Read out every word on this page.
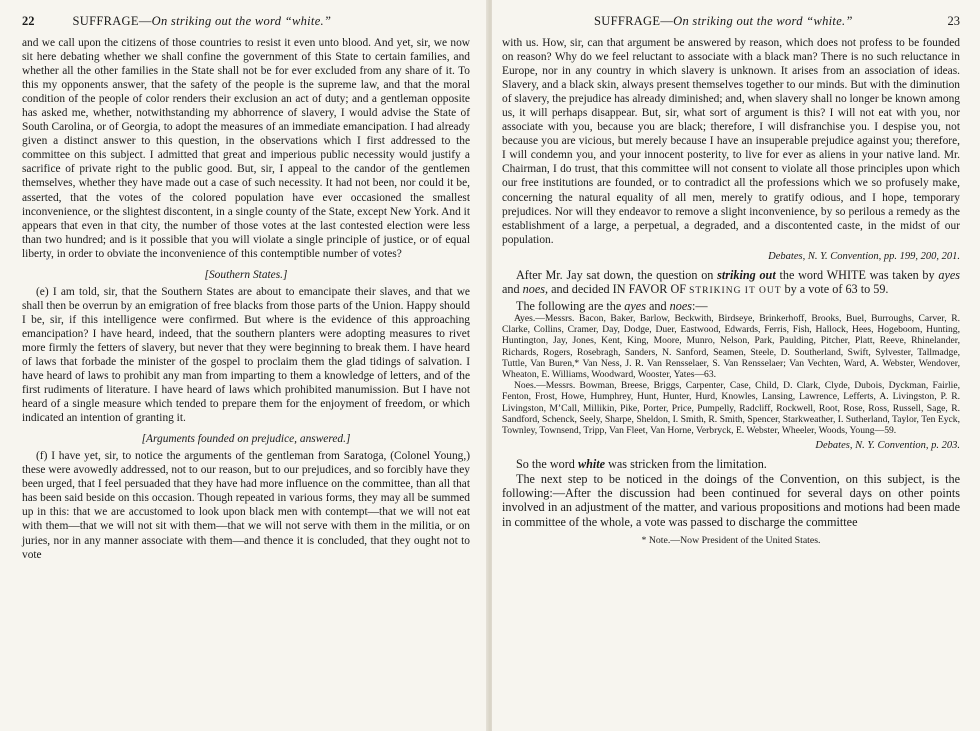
22	SUFFRAGE—On striking out the word “white.”

and we call upon the citizens of those countries to resist it even unto blood. And yet, sir, we now sit here debating whether we shall confine the government of this State to certain families, and whether all the other families in the State shall not be for ever excluded from any share of it. To this my opponents answer, that the safety of the people is the supreme law, and that the moral condition of the people of color renders their exclusion an act of duty; and a gentleman opposite has asked me, whether, notwithstanding my abhorrence of slavery, I would advise the State of South Carolina, or of Georgia, to adopt the measures of an immediate emancipation. I had already given a distinct answer to this question, in the observations which I first addressed to the committee on this subject. I admitted that great and imperious public necessity would justify a sacrifice of private right to the public good. But, sir, I appeal to the candor of the gentlemen themselves, whether they have made out a case of such necessity. It had not been, nor could it be, asserted, that the votes of the colored population have ever occasioned the smallest inconvenience, or the slightest discontent, in a single county of the State, except New York. And it appears that even in that city, the number of those votes at the last contested election were less than two hundred; and is it possible that you will violate a single principle of justice, or of equal liberty, in order to obviate the inconvenience of this contemptible number of votes?

[Southern States.]

(e) I am told, sir, that the Southern States are about to emancipate their slaves, and that we shall then be overrun by an emigration of free blacks from those parts of the Union. Happy should I be, sir, if this intelligence were confirmed. But where is the evidence of this approaching emancipation? I have heard, indeed, that the southern planters were adopting measures to rivet more firmly the fetters of slavery, but never that they were beginning to break them. I have heard of laws that forbade the minister of the gospel to proclaim them the glad tidings of salvation. I have heard of laws to prohibit any man from imparting to them a knowledge of letters, and of the first rudiments of literature. I have heard of laws which prohibited manumission. But I have not heard of a single measure which tended to prepare them for the enjoyment of freedom, or which indicated an intention of granting it.

[Arguments founded on prejudice, answered.]

(f) I have yet, sir, to notice the arguments of the gentleman from Saratoga, (Colonel Young,) these were avowedly addressed, not to our reason, but to our prejudices, and so forcibly have they been urged, that I feel persuaded that they have had more influence on the committee, than all that has been said beside on this occasion. Though repeated in various forms, they may all be summed up in this: that we are accustomed to look upon black men with contempt—that we will not eat with them—that we will not sit with them—that we will not serve with them in the militia, or on juries, nor in any manner associate with them—and thence it is concluded, that they ought not to vote

SUFFRAGE—On striking out the word “white.”	23

with us. How, sir, can that argument be answered by reason, which does not profess to be founded on reason? Why do we feel reluctant to associate with a black man? There is no such reluctance in Europe, nor in any country in which slavery is unknown. It arises from an association of ideas. Slavery, and a black skin, always present themselves together to our minds. But with the diminution of slavery, the prejudice has already diminished; and, when slavery shall no longer be known among us, it will perhaps disappear. But, sir, what sort of argument is this? I will not eat with you, nor associate with you, because you are black; therefore, I will disfranchise you. I despise you, not because you are vicious, but merely because I have an insuperable prejudice against you; therefore, I will condemn you, and your innocent posterity, to live for ever as aliens in your native land. Mr. Chairman, I do trust, that this committee will not consent to violate all those principles upon which our free institutions are founded, or to contradict all the professions which we so profusely make, concerning the natural equality of all men, merely to gratify odious, and I hope, temporary prejudices. Nor will they endeavor to remove a slight inconvenience, by so perilous a remedy as the establishment of a large, a perpetual, a degraded, and a discontented caste, in the midst of our population.

Debates, N. Y. Convention, pp. 199, 200, 201.

After Mr. Jay sat down, the question on striking out the word WHITE was taken by ayes and noes, and decided IN FAVOR OF STRIKING IT OUT by a vote of 63 to 59.

The following are the ayes and noes:—

Ayes.—Messrs. Bacon, Baker, Barlow, Beckwith, Birdseye, Brinkerhoff, Brooks, Buel, Burroughs, Carver, R. Clarke, Collins, Cramer, Day, Dodge, Duer, Eastwood, Edwards, Ferris, Fish, Hallock, Hees, Hogeboom, Hunting, Huntington, Jay, Jones, Kent, King, Moore, Munro, Nelson, Park, Paulding, Pitcher, Platt, Reeve, Rhinelander, Richards, Rogers, Rosebragh, Sanders, N. Sanford, Seamen, Steele, D. Southerland, Swift, Sylvester, Tallmadge, Tuttle, Van Buren,* Van Ness, J. R. Van Rensselaer, S. Van Rensselaer; Van Vechten, Ward, A. Webster, Wendover, Wheaton, E. Williams, Woodward, Wooster, Yates—63.

Noes.—Messrs. Bowman, Breese, Briggs, Carpenter, Case, Child, D. Clark, Clyde, Dubois, Dyckman, Fairlie, Fenton, Frost, Howe, Humphrey, Hunt, Hunter, Hurd, Knowles, Lansing, Lawrence, Lefferts, A. Livingston, P. R. Livingston, M’Call, Millikin, Pike, Porter, Price, Pumpelly, Radcliff, Rockwell, Root, Rose, Ross, Russell, Sage, R. Sandford, Schenck, Seely, Sharpe, Sheldon, I. Smith, R. Smith, Spencer, Starkweather, I. Sutherland, Taylor, Ten Eyck, Townley, Townsend, Tripp, Van Fleet, Van Horne, Verbryck, E. Webster, Wheeler, Woods, Young—59.

Debates, N. Y. Convention, p. 203.

So the word white was stricken from the limitation.

The next step to be noticed in the doings of the Convention, on this subject, is the following:—After the discussion had been continued for several days on other points involved in an adjustment of the matter, and various propositions and motions had been made in committee of the whole, a vote was passed to discharge the committee

* Note.—Now President of the United States.
